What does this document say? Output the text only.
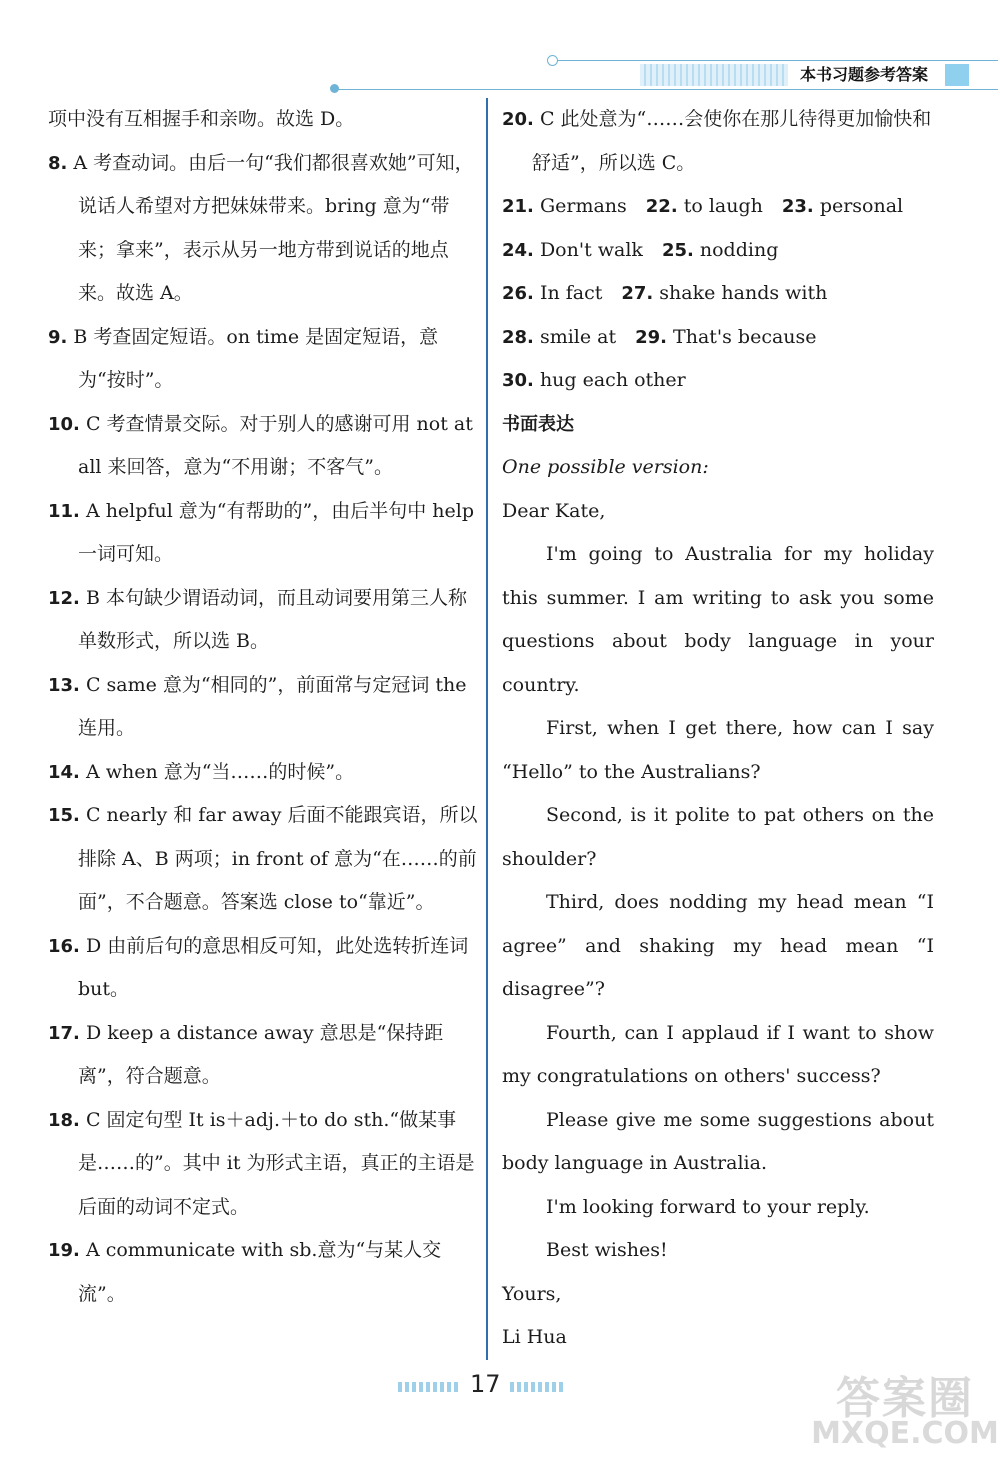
本书习题参考答案
项中没有互相握手和亲吻。故选 D。
8. A 考查动词。由后一句“我们都很喜欢她”可知，说话人希望对方把妹妹带来。bring 意为“带来；拿来”，表示从另一地方带到说话的地点来。故选 A。
9. B 考查固定短语。on time 是固定短语，意为“按时”。
10. C 考查情景交际。对于别人的感谢可用 not at all 来回答，意为“不用谢；不客气”。
11. A helpful 意为“有帮助的”，由后半句中 help 一词可知。
12. B 本句缺少谓语动词，而且动词要用第三人称单数形式，所以选 B。
13. C same 意为“相同的”，前面常与定冠词 the 连用。
14. A when 意为“当……的时候”。
15. C nearly 和 far away 后面不能跟宾语，所以排除 A、B 两项；in front of 意为“在……的前面”，不合题意。答案选 close to“靠近”。
16. D 由前后句的意思相反可知，此处选转折连词 but。
17. D keep a distance away 意思是“保持距离”，符合题意。
18. C 固定句型 It is＋adj.＋to do sth.“做某事是……的”。其中 it 为形式主语，真正的主语是后面的动词不定式。
19. A communicate with sb.意为“与某人交流”。
20. C 此处意为“……会使你在那儿待得更加愉快和舒适”，所以选 C。
21. Germans  22. to laugh  23. personal
24. Don't walk  25. nodding
26. In fact  27. shake hands with
28. smile at  29. That's because
30. hug each other
书面表达
One possible version:

Dear Kate,

I'm going to Australia for my holiday this summer. I am writing to ask you some questions about body language in your country.

First, when I get there, how can I say “Hello” to the Australians?

Second, is it polite to pat others on the shoulder?

Third, does nodding my head mean “I agree” and shaking my head mean “I disagree”?

Fourth, can I applaud if I want to show my congratulations on others' success?

Please give me some suggestions about body language in Australia.

I'm looking forward to your reply.

Best wishes!

Yours,

Li Hua

17	答案圈
MXQE.COM
